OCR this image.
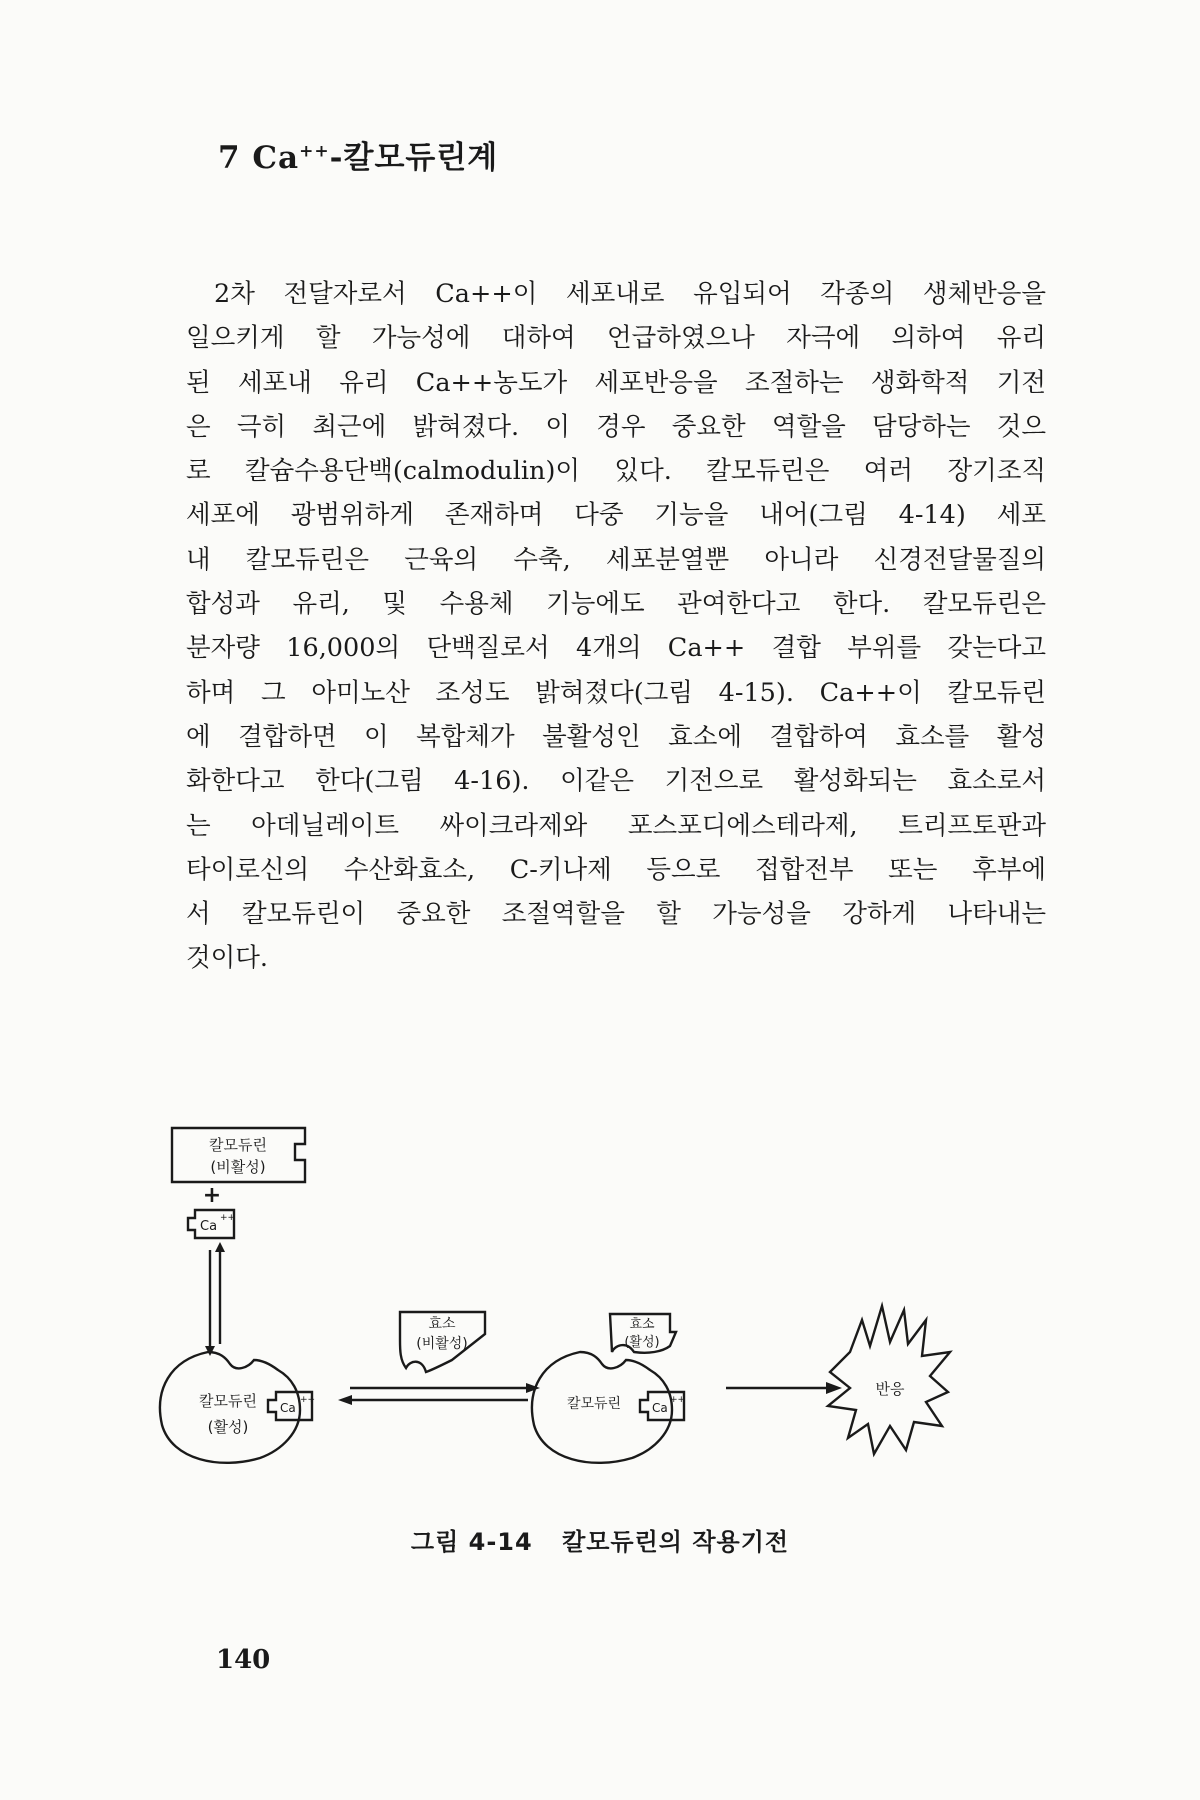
7 Ca++-칼모듀린계
2차 전달자로서 Ca++이 세포내로 유입되어 각종의 생체반응을
일으키게 할 가능성에 대하여 언급하였으나 자극에 의하여 유리
된 세포내 유리 Ca++농도가 세포반응을 조절하는 생화학적 기전
은 극히 최근에 밝혀졌다. 이 경우 중요한 역할을 담당하는 것으
로 칼슘수용단백(calmodulin)이 있다. 칼모듀린은 여러 장기조직
세포에 광범위하게 존재하며 다중 기능을 내어(그림 4-14) 세포
내 칼모듀린은 근육의 수축, 세포분열뿐 아니라 신경전달물질의
합성과 유리, 및 수용체 기능에도 관여한다고 한다. 칼모듀린은
분자량 16,000의 단백질로서 4개의 Ca++ 결합 부위를 갖는다고
하며 그 아미노산 조성도 밝혀졌다(그림 4-15). Ca++이 칼모듀린
에 결합하면 이 복합체가 불활성인 효소에 결합하여 효소를 활성
화한다고 한다(그림 4-16). 이같은 기전으로 활성화되는 효소로서
는 아데닐레이트 싸이크라제와 포스포디에스테라제, 트리프토판과
타이로신의 수산화효소, C-키나제 등으로 접합전부 또는 후부에
서 칼모듀린이 중요한 조절역할을 할 가능성을 강하게 나타내는
것이다.
칼모듀린
(비활성)
+
Ca
++
칼모듀린
(활성)
Ca
++
효소
(비활성)
효소
(활성)
칼모듀린	Ca
++
반응
그림 4-14 칼모듀린의 작용기전
140
